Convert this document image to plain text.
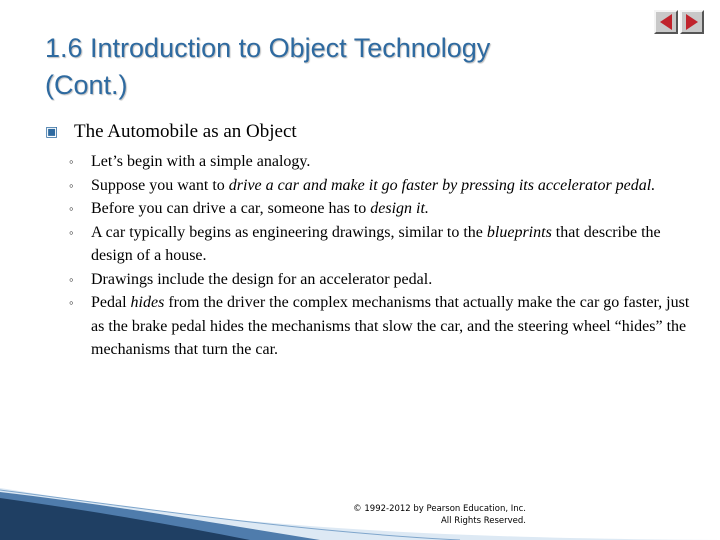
1.6 Introduction to Object Technology
(Cont.)
▣ The Automobile as an Object
◦ Let’s begin with a simple analogy.
◦ Suppose you want to drive a car and make it go faster by pressing its accelerator pedal.
◦ Before you can drive a car, someone has to design it.
◦ A car typically begins as engineering drawings, similar to the blueprints that describe the design of a house.
◦ Drawings include the design for an accelerator pedal.
◦ Pedal hides from the driver the complex mechanisms that actually make the car go faster, just as the brake pedal hides the mechanisms that slow the car, and the steering wheel “hides” the mechanisms that turn the car.
© 1992-2012 by Pearson Education, Inc.
All Rights Reserved.
